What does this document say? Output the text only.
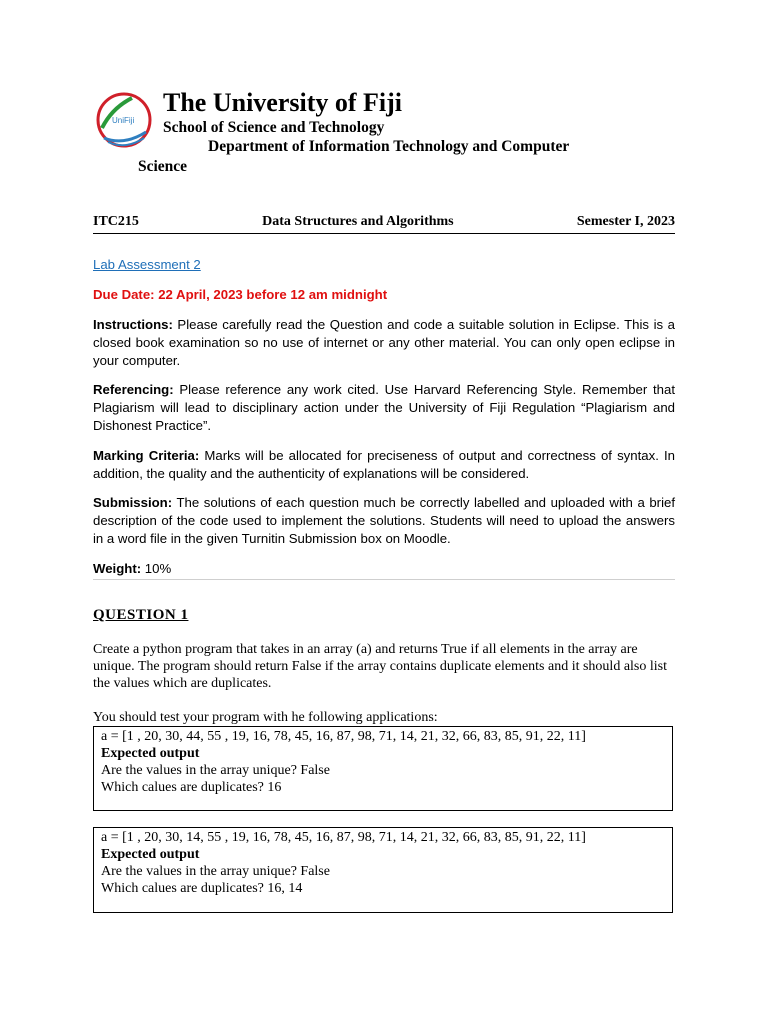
UniFiji
The University of Fiji
School of Science and Technology
Department of Information Technology and Computer
Science
ITC215	Data Structures and Algorithms	Semester I, 2023
Lab Assessment 2
Due Date: 22 April, 2023 before 12 am midnight
Instructions: Please carefully read the Question and code a suitable solution in Eclipse. This is a closed book examination so no use of internet or any other material. You can only open eclipse in your computer.
Referencing: Please reference any work cited. Use Harvard Referencing Style. Remember that Plagiarism will lead to disciplinary action under the University of Fiji Regulation “Plagiarism and Dishonest Practice”.
Marking Criteria: Marks will be allocated for preciseness of output and correctness of syntax. In addition, the quality and the authenticity of explanations will be considered.
Submission: The solutions of each question much be correctly labelled and uploaded with a brief description of the code used to implement the solutions. Students will need to upload the answers in a word file in the given Turnitin Submission box on Moodle.
Weight: 10%
QUESTION 1
Create a python program that takes in an array (a) and returns True if all elements in the array are unique. The program should return False if the array contains duplicate elements and it should also list the values which are duplicates.
You should test your program with he following applications:
a = [1 , 20, 30, 44, 55 , 19, 16, 78, 45, 16, 87, 98, 71, 14, 21, 32, 66, 83, 85, 91, 22, 11]
Expected output
Are the values in the array unique? False
Which calues are duplicates? 16
a = [1 , 20, 30, 14, 55 , 19, 16, 78, 45, 16, 87, 98, 71, 14, 21, 32, 66, 83, 85, 91, 22, 11]
Expected output
Are the values in the array unique? False
Which calues are duplicates? 16, 14
